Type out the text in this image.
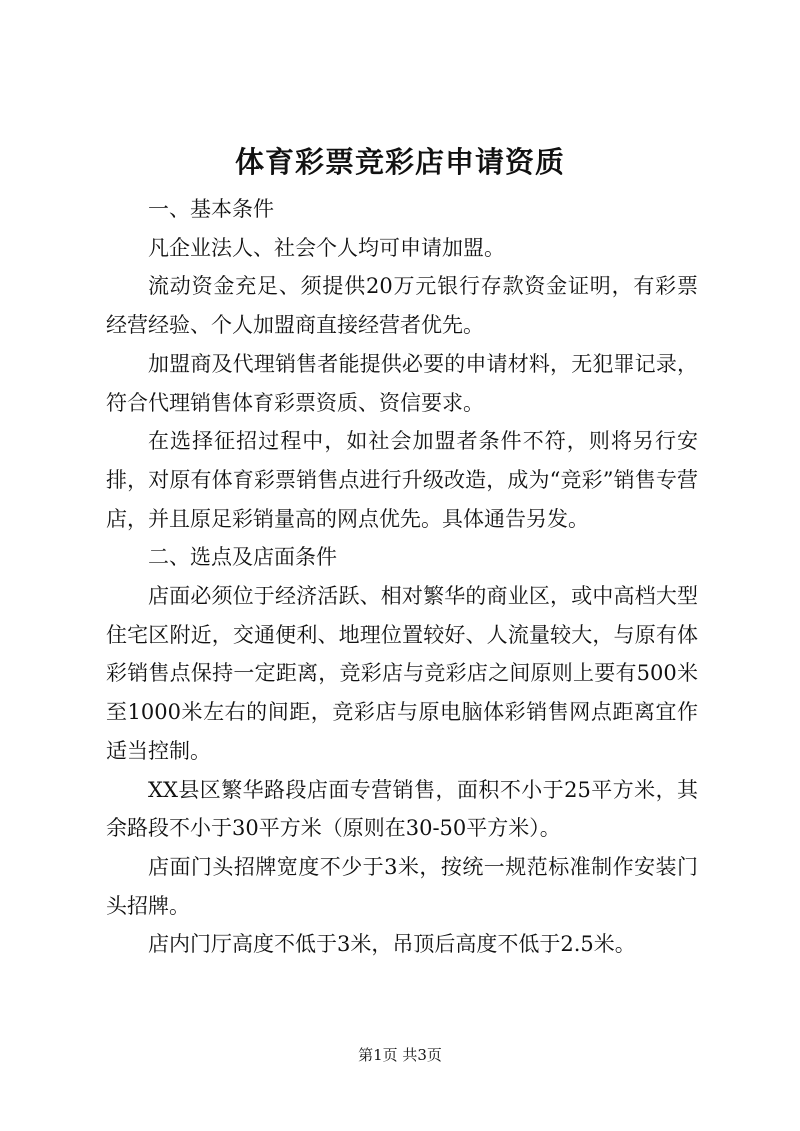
体育彩票竞彩店申请资质

一、基本条件

凡企业法人、社会个人均可申请加盟。

流动资金充足、须提供20万元银行存款资金证明，有彩票经营经验、个人加盟商直接经营者优先。

加盟商及代理销售者能提供必要的申请材料，无犯罪记录，符合代理销售体育彩票资质、资信要求。

在选择征招过程中，如社会加盟者条件不符，则将另行安排，对原有体育彩票销售点进行升级改造，成为“竞彩”销售专营店，并且原足彩销量高的网点优先。具体通告另发。

二、选点及店面条件

店面必须位于经济活跃、相对繁华的商业区，或中高档大型住宅区附近，交通便利、地理位置较好、人流量较大，与原有体彩销售点保持一定距离，竞彩店与竞彩店之间原则上要有500米至1000米左右的间距，竞彩店与原电脑体彩销售网点距离宜作适当控制。

XX县区繁华路段店面专营销售，面积不小于25平方米，其余路段不小于30平方米（原则在30-50平方米）。

店面门头招牌宽度不少于3米，按统一规范标准制作安装门头招牌。

店内门厅高度不低于3米，吊顶后高度不低于2.5米。

第1页 共3页
